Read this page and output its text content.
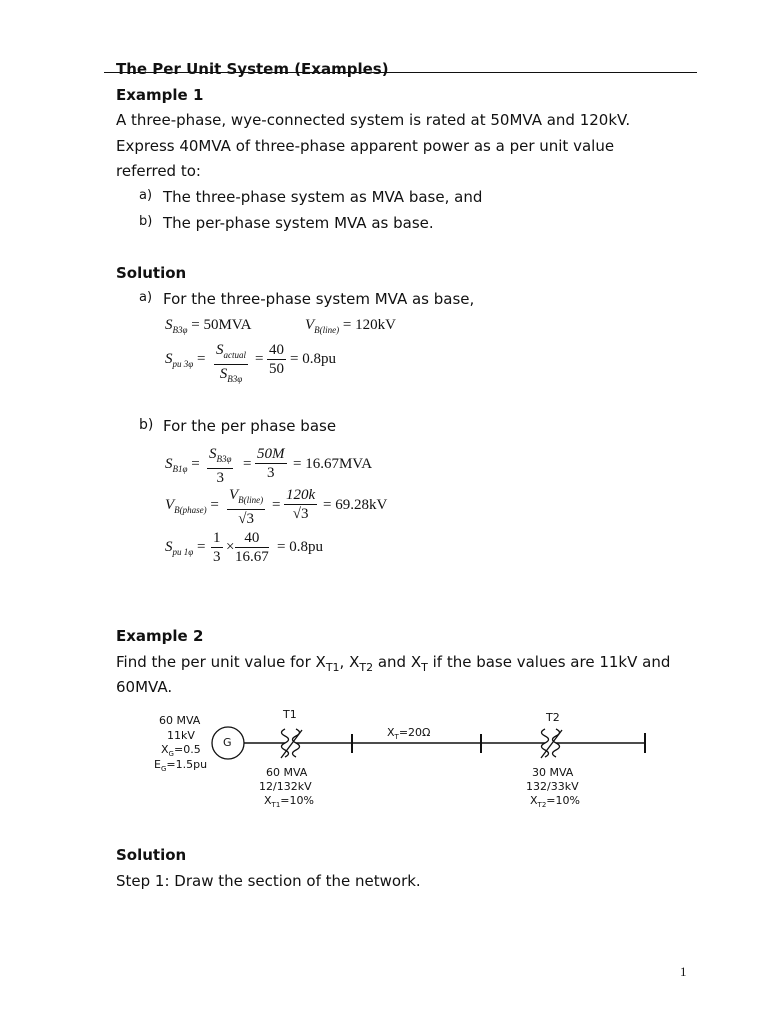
The Per Unit System (Examples)
Example 1
A three-phase, wye-connected system is rated at 50MVA and 120kV.
Express 40MVA of three-phase apparent power as a per unit value
referred to:
a) The three-phase system as MVA base, and
b) The per-phase system MVA as base.
Solution
a) For the three-phase system MVA as base,
$S_{B3\varphi} = 50MVA$	$V_{B(line)} = 120kV$
$S_{pu 3\varphi}$ =
$S_{actual}$
$S_{B3\varphi}$
= $\frac{40}{50} = 0.8pu$
b) For the per phase base
$S_{B1\varphi} = \frac{S_{B3\varphi}}{3} = \frac{50M}{3} = 16.67MVA$
$V_{B(phase)}$ =
$V_{B(line)}$
√3
= $\frac{120k}{√3} = 69.28kV$
$S_{pu 1\varphi} = \frac{1}{3} \times \frac{40}{16.67} = 0.8pu$
Example 2
Find the per unit value for $X_{T1}$, $X_{T2}$ and $X_T$ if the base values are 11kV and
60MVA.
G
60 MVA
11kV
$X_G=0.5$
$E_G=1.5pu$
T1
60 MVA
12/132kV
$X_{T1}=10\%$
$X_T=20\Omega$
T2
30 MVA
132/33kV
$X_{T2}=10\%$
Solution
Step 1: Draw the section of the network.
1
